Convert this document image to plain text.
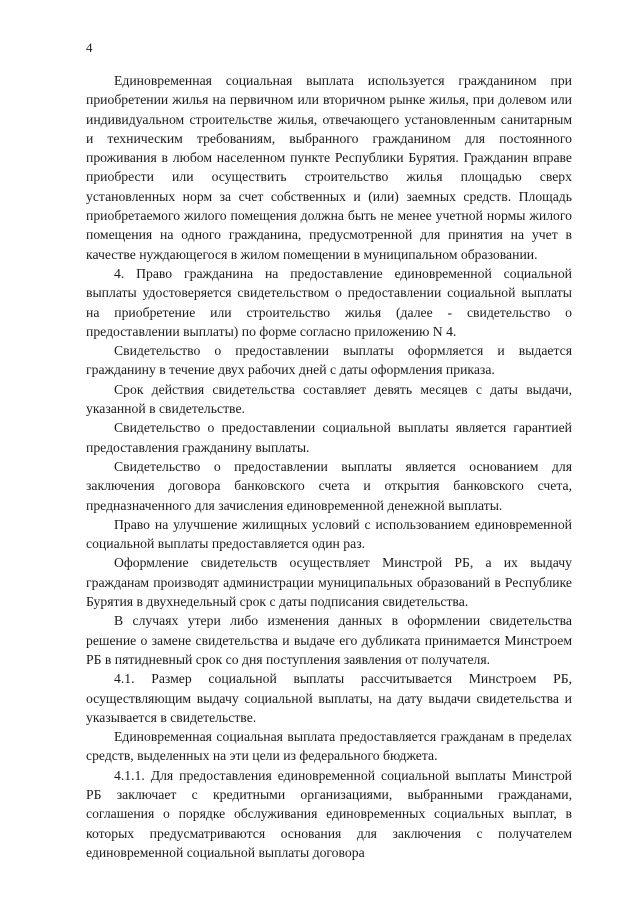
4

Единовременная социальная выплата используется гражданином при приобретении жилья на первичном или вторичном рынке жилья, при долевом или индивидуальном строительстве жилья, отвечающего установленным санитарным и техническим требованиям, выбранного гражданином для постоянного проживания в любом населенном пункте Республики Бурятия. Гражданин вправе приобрести или осуществить строительство жилья площадью сверх установленных норм за счет собственных и (или) заемных средств. Площадь приобретаемого жилого помещения должна быть не менее учетной нормы жилого помещения на одного гражданина, предусмотренной для принятия на учет в качестве нуждающегося в жилом помещении в муниципальном образовании.

4. Право гражданина на предоставление единовременной социальной выплаты удостоверяется свидетельством о предоставлении социальной выплаты на приобретение или строительство жилья (далее - свидетельство о предоставлении выплаты) по форме согласно приложению N 4.

Свидетельство о предоставлении выплаты оформляется и выдается гражданину в течение двух рабочих дней с даты оформления приказа.

Срок действия свидетельства составляет девять месяцев с даты выдачи, указанной в свидетельстве.

Свидетельство о предоставлении социальной выплаты является гарантией предоставления гражданину выплаты.

Свидетельство о предоставлении выплаты является основанием для заключения договора банковского счета и открытия банковского счета, предназначенного для зачисления единовременной денежной выплаты.

Право на улучшение жилищных условий с использованием единовременной социальной выплаты предоставляется один раз.

Оформление свидетельств осуществляет Минстрой РБ, а их выдачу гражданам производят администрации муниципальных образований в Республике Бурятия в двухнедельный срок с даты подписания свидетельства.

В случаях утери либо изменения данных в оформлении свидетельства решение о замене свидетельства и выдаче его дубликата принимается Минстроем РБ в пятидневный срок со дня поступления заявления от получателя.

4.1. Размер социальной выплаты рассчитывается Минстроем РБ, осуществляющим выдачу социальной выплаты, на дату выдачи свидетельства и указывается в свидетельстве.

Единовременная социальная выплата предоставляется гражданам в пределах средств, выделенных на эти цели из федерального бюджета.

4.1.1. Для предоставления единовременной социальной выплаты Минстрой РБ заключает с кредитными организациями, выбранными гражданами, соглашения о порядке обслуживания единовременных социальных выплат, в которых предусматриваются основания для заключения с получателем единовременной социальной выплаты договора
